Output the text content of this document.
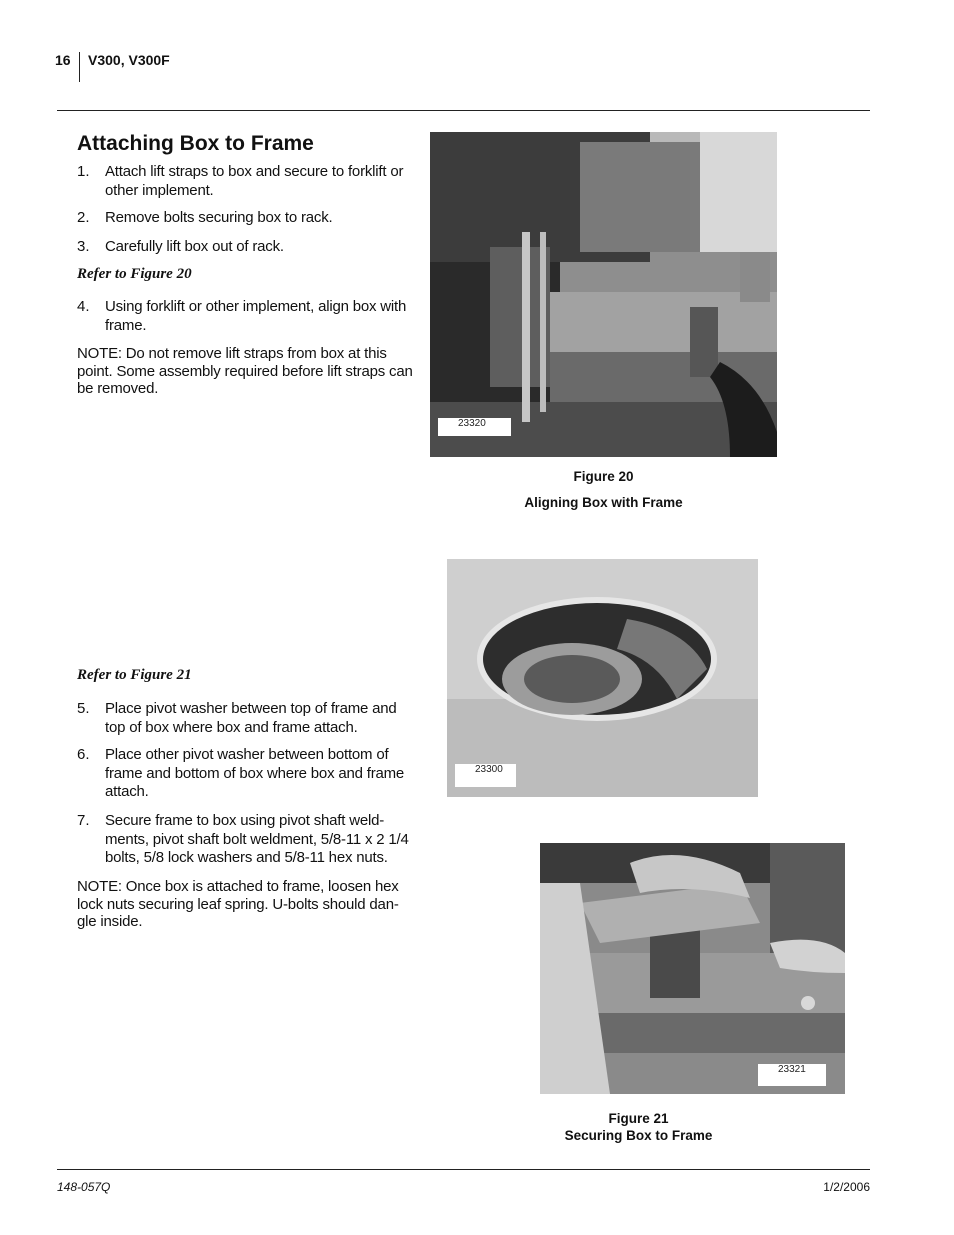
16 V300, V300F
Attaching Box to Frame
1.	Attach lift straps to box and secure to forklift or other implement.
2.	Remove bolts securing box to rack.
3.	Carefully lift box out of rack.
Refer to Figure 20
4.	Using forklift or other implement, align box with frame.
NOTE: Do not remove lift straps from box at this point. Some assembly required before lift straps can be removed.
23320
Figure 20
Aligning Box with Frame
23300
Refer to Figure 21
5.	Place pivot washer between top of frame and top of box where box and frame attach.
6.	Place other pivot washer between bottom of frame and bottom of box where box and frame attach.
7.	Secure frame to box using pivot shaft weld-ments, pivot shaft bolt weldment, 5/8-11 x 2 1/4 bolts, 5/8 lock washers and 5/8-11 hex nuts.
NOTE: Once box is attached to frame, loosen hex lock nuts securing leaf spring. U-bolts should dan-gle inside.
23321
Figure 21
Securing Box to Frame
148-057Q	1/2/2006
